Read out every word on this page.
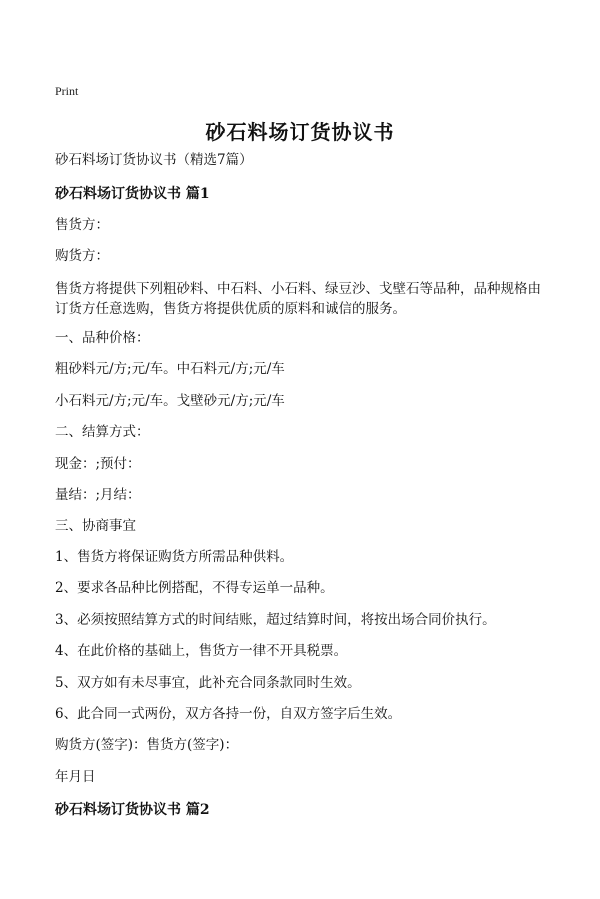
Print
砂石料场订货协议书
砂石料场订货协议书（精选7篇）
砂石料场订货协议书 篇1
售货方：
购货方：
售货方将提供下列粗砂料、中石料、小石料、绿豆沙、戈壁石等品种，品种规格由订货方任意选购，售货方将提供优质的原料和诚信的服务。
一、品种价格：
粗砂料元/方;元/车。中石料元/方;元/车
小石料元/方;元/车。戈壁砂元/方;元/车
二、结算方式：
现金：;预付：
量结：;月结：
三、协商事宜
1、售货方将保证购货方所需品种供料。
2、要求各品种比例搭配，不得专运单一品种。
3、必须按照结算方式的时间结账，超过结算时间，将按出场合同价执行。
4、在此价格的基础上，售货方一律不开具税票。
5、双方如有未尽事宜，此补充合同条款同时生效。
6、此合同一式两份，双方各持一份，自双方签字后生效。
购货方(签字)：售货方(签字)：
年月日
砂石料场订货协议书 篇2
